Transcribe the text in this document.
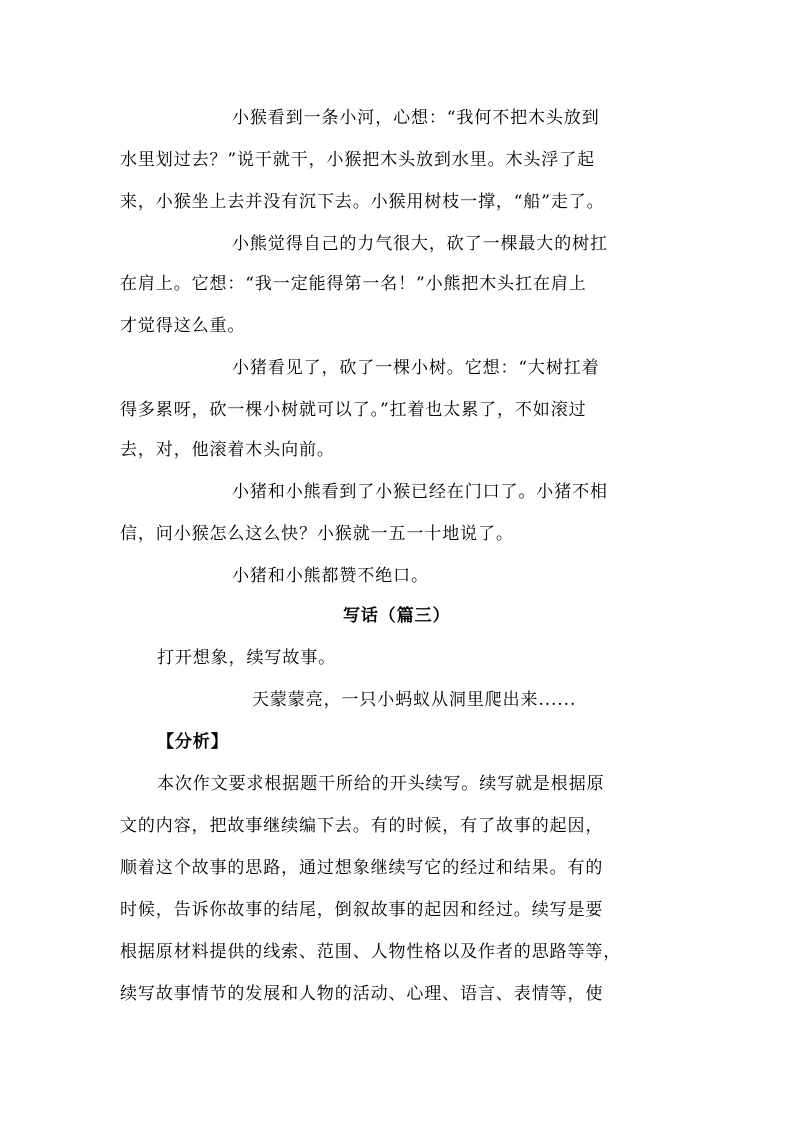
小猴看到一条小河，心想：“我何不把木头放到
水里划过去？”说干就干，小猴把木头放到水里。木头浮了起
来，小猴坐上去并没有沉下去。小猴用树枝一撑，“船”走了。
小熊觉得自己的力气很大，砍了一棵最大的树扛
在肩上。它想：“我一定能得第一名！”小熊把木头扛在肩上
才觉得这么重。
小猪看见了，砍了一棵小树。它想：“大树扛着
得多累呀，砍一棵小树就可以了。”扛着也太累了，不如滚过
去，对，他滚着木头向前。
小猪和小熊看到了小猴已经在门口了。小猪不相
信，问小猴怎么这么快？小猴就一五一十地说了。
小猪和小熊都赞不绝口。
写话（篇三）
打开想象，续写故事。
天蒙蒙亮，一只小蚂蚁从洞里爬出来......
【分析】
本次作文要求根据题干所给的开头续写。续写就是根据原
文的内容，把故事继续编下去。有的时候，有了故事的起因，
顺着这个故事的思路，通过想象继续写它的经过和结果。有的
时候，告诉你故事的结尾，倒叙故事的起因和经过。续写是要
根据原材料提供的线索、范围、人物性格以及作者的思路等等，
续写故事情节的发展和人物的活动、心理、语言、表情等，使
